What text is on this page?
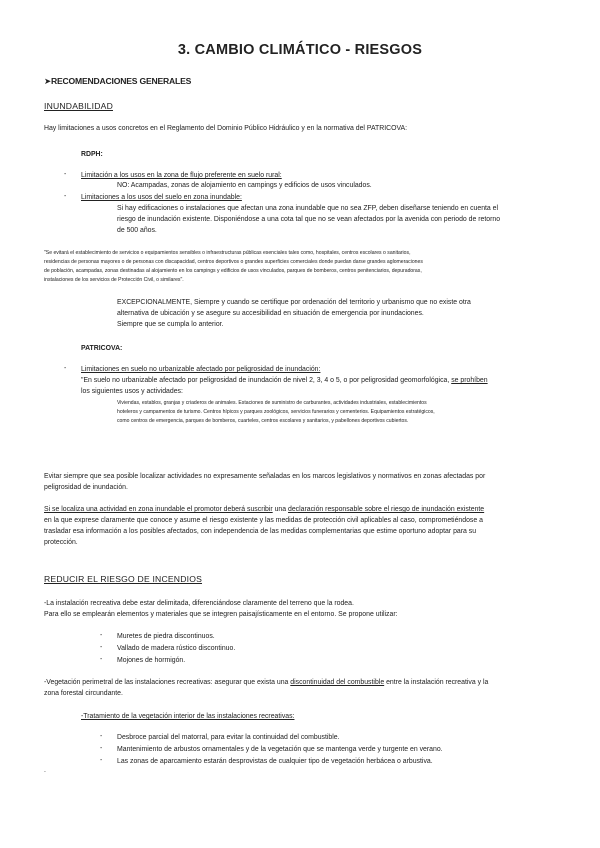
3. CAMBIO CLIMÁTICO - RIESGOS
➤RECOMENDACIONES GENERALES
INUNDABILIDAD
Hay limitaciones a usos concretos en el Reglamento del Dominio Público Hidráulico y en la normativa del PATRICOVA:
RDPH:
- Limitación a los usos en la zona de flujo preferente en suelo rural:
NO: Acampadas, zonas de alojamiento en campings y edificios de usos vinculados.
- Limitaciones a los usos del suelo en zona inundable:
Si hay edificaciones o instalaciones que afectan una zona inundable que no sea ZFP, deben diseñarse teniendo en cuenta el
riesgo de inundación existente. Disponiéndose a una cota tal que no se vean afectados por la avenida con periodo de retorno
de 500 años.
"Se evitará el establecimiento de servicios o equipamientos sensibles o infraestructuras públicas esenciales tales como, hospitales, centros escolares o sanitarios,
residencias de personas mayores o de personas con discapacidad, centros deportivos o grandes superficies comerciales donde puedan darse grandes aglomeraciones
de población, acampadas, zonas destinadas al alojamiento en los campings y edificios de usos vinculados, parques de bomberos, centros penitenciarios, depuradoras,
instalaciones de los servicios de Protección Civil, o similares".
EXCEPCIONALMENTE, Siempre y cuando se certifique por ordenación del territorio y urbanismo que no existe otra
alternativa de ubicación y se asegure su accesibilidad en situación de emergencia por inundaciones.
Siempre que se cumpla lo anterior.
PATRICOVA:
- Limitaciones en suelo no urbanizable afectado por peligrosidad de inundación:
"En suelo no urbanizable afectado por peligrosidad de inundación de nivel 2, 3, 4 o 5, o por peligrosidad geomorfológica, se prohíben
los siguientes usos y actividades:
Viviendas, establos, granjas y criaderos de animales. Estaciones de suministro de carburantes, actividades industriales, establecimientos
hoteleros y campamentos de turismo. Centros hípicos y parques zoológicos, servicios funerarios y cementerios. Equipamientos estratégicos,
como centros de emergencia, parques de bomberos, cuarteles, centros escolares y sanitarios, y pabellones deportivos cubiertos.
Evitar siempre que sea posible localizar actividades no expresamente señaladas en los marcos legislativos y normativos en zonas afectadas por
peligrosidad de inundación.
Si se localiza una actividad en zona inundable el promotor deberá suscribir una declaración responsable sobre el riesgo de inundación existente
en la que exprese claramente que conoce y asume el riesgo existente y las medidas de protección civil aplicables al caso, comprometiéndose a
trasladar esa información a los posibles afectados, con independencia de las medidas complementarias que estime oportuno adoptar para su
protección.
REDUCIR EL RIESGO DE INCENDIOS
-La instalación recreativa debe estar delimitada, diferenciándose claramente del terreno que la rodea.
Para ello se emplearán elementos y materiales que se integren paisajísticamente en el entorno. Se propone utilizar:
- Muretes de piedra discontinuos.
- Vallado de madera rústico discontinuo.
- Mojones de hormigón.
-Vegetación perimetral de las instalaciones recreativas: asegurar que exista una discontinuidad del combustible entre la instalación recreativa y la
zona forestal circundante.
-Tratamiento de la vegetación interior de las instalaciones recreativas:
- Desbroce parcial del matorral, para evitar la continuidad del combustible.
- Mantenimiento de arbustos ornamentales y de la vegetación que se mantenga verde y turgente en verano.
- Las zonas de aparcamiento estarán desprovistas de cualquier tipo de vegetación herbácea o arbustiva.
.
